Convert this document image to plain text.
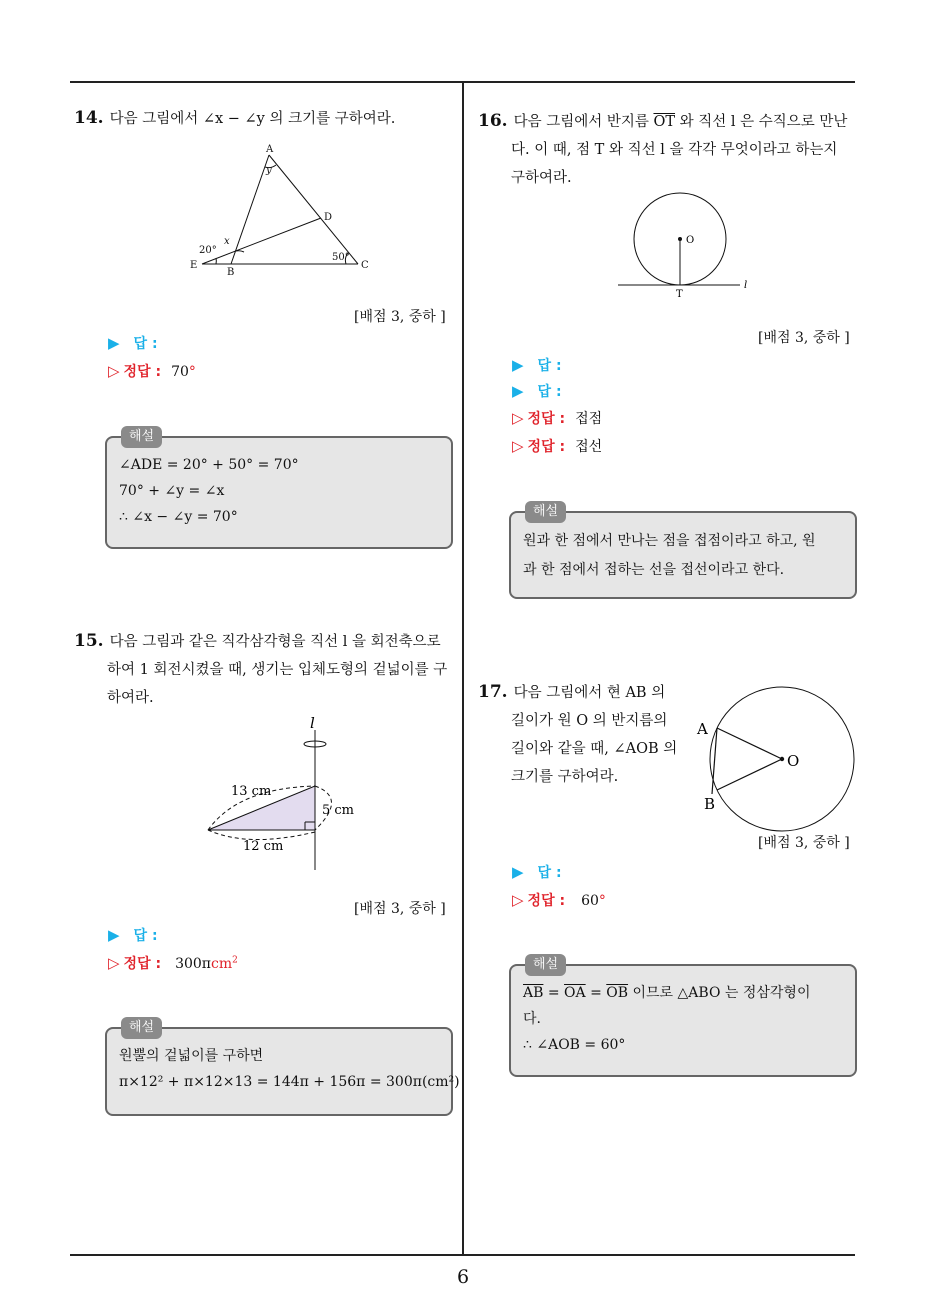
6
14. 다음 그림에서 ∠x − ∠y 의 크기를 구하여라.
A
B
C
D
E
x
y
20°
50°
[배점 3, 중하 ]
▶ 답 :
▷ 정답 : 70°
해설
∠ADE = 20° + 50° = 70°
70° + ∠y = ∠x
∴ ∠x − ∠y = 70°
15. 다음 그림과 같은 직각삼각형을 직선 l 을 회전축으로
하여 1 회전시켰을 때, 생기는 입체도형의 겉넓이를 구
하여라.
l
13 cm
5 cm
12 cm
[배점 3, 중하 ]
▶ 답 :
▷ 정답 : 300πcm$^2$
해설
원뿔의 겉넓이를 구하면
π×12² + π×12×13 = 144π + 156π = 300π(cm²)
16. 다음 그림에서 반지름 $\overline{OT}$ 와 직선 l 은 수직으로 만난
다. 이 때, 점 T 와 직선 l 을 각각 무엇이라고 하는지
구하여라.
O
T
l
[배점 3, 중하 ]
▶ 답 :
▶ 답 :
▷ 정답 : 접점
▷ 정답 : 접선
해설
원과 한 점에서 만나는 점을 접점이라고 하고, 원
과 한 점에서 접하는 선을 접선이라고 한다.
17. 다음 그림에서 현 AB 의
길이가 원 O 의 반지름의
길이와 같을 때, ∠AOB 의
크기를 구하여라.
A
B
O
[배점 3, 중하 ]
▶ 답 :
▷ 정답 : 60°
해설
$\overline{AB} = \overline{OA} = \overline{OB}$ 이므로 △ABO 는 정삼각형이
다.
∴ ∠AOB = 60°
